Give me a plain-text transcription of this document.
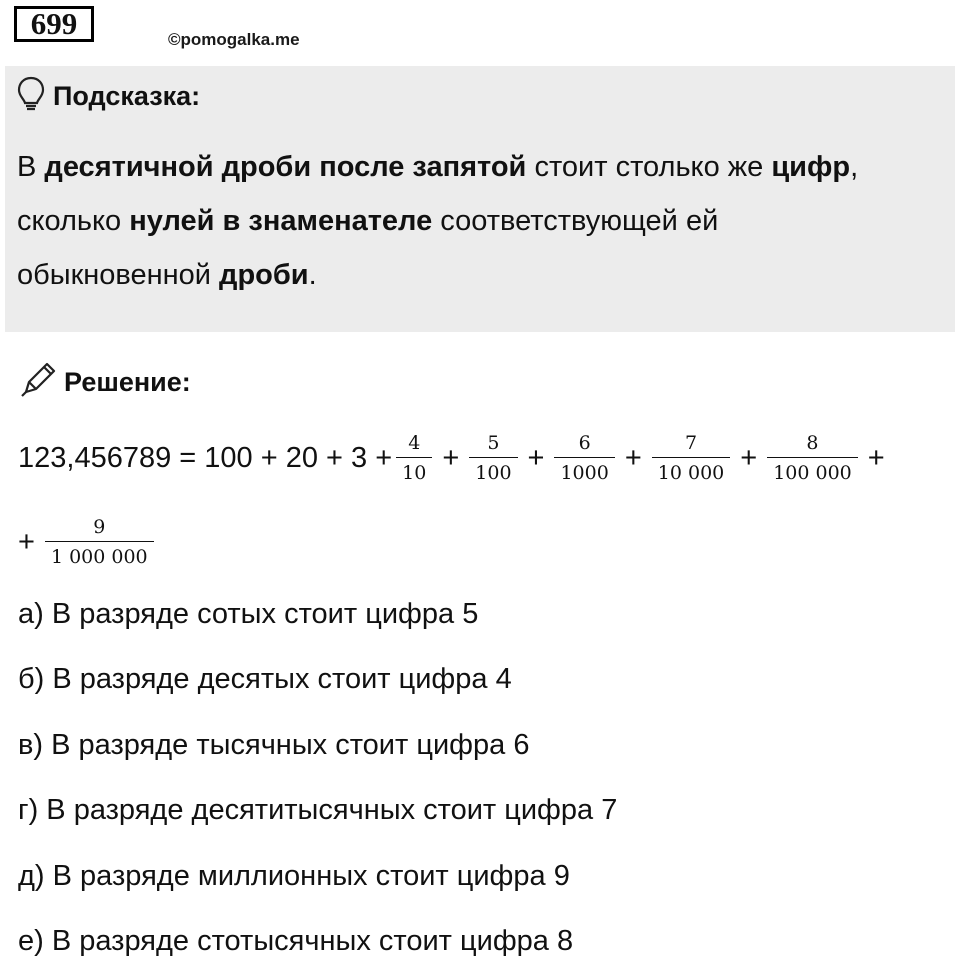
699	©pomogalka.me
Подсказка:
В десятичной дроби после запятой стоит столько же цифр,
сколько нулей в знаменателе соответствующей ей
обыкновенной дроби.
Решение:
$123,456789 = 100 + 20 + 3 + \frac{4}{10} + \frac{5}{100} + \frac{6}{1000} + \frac{7}{10 000} + \frac{8}{100 000}$ +
+ $\frac{9}{1 000 000}$
а) В разряде сотых стоит цифра 5
б) В разряде десятых стоит цифра 4
в) В разряде тысячных стоит цифра 6
г) В разряде десятитысячных стоит цифра 7
д) В разряде миллионных стоит цифра 9
е) В разряде стотысячных стоит цифра 8
